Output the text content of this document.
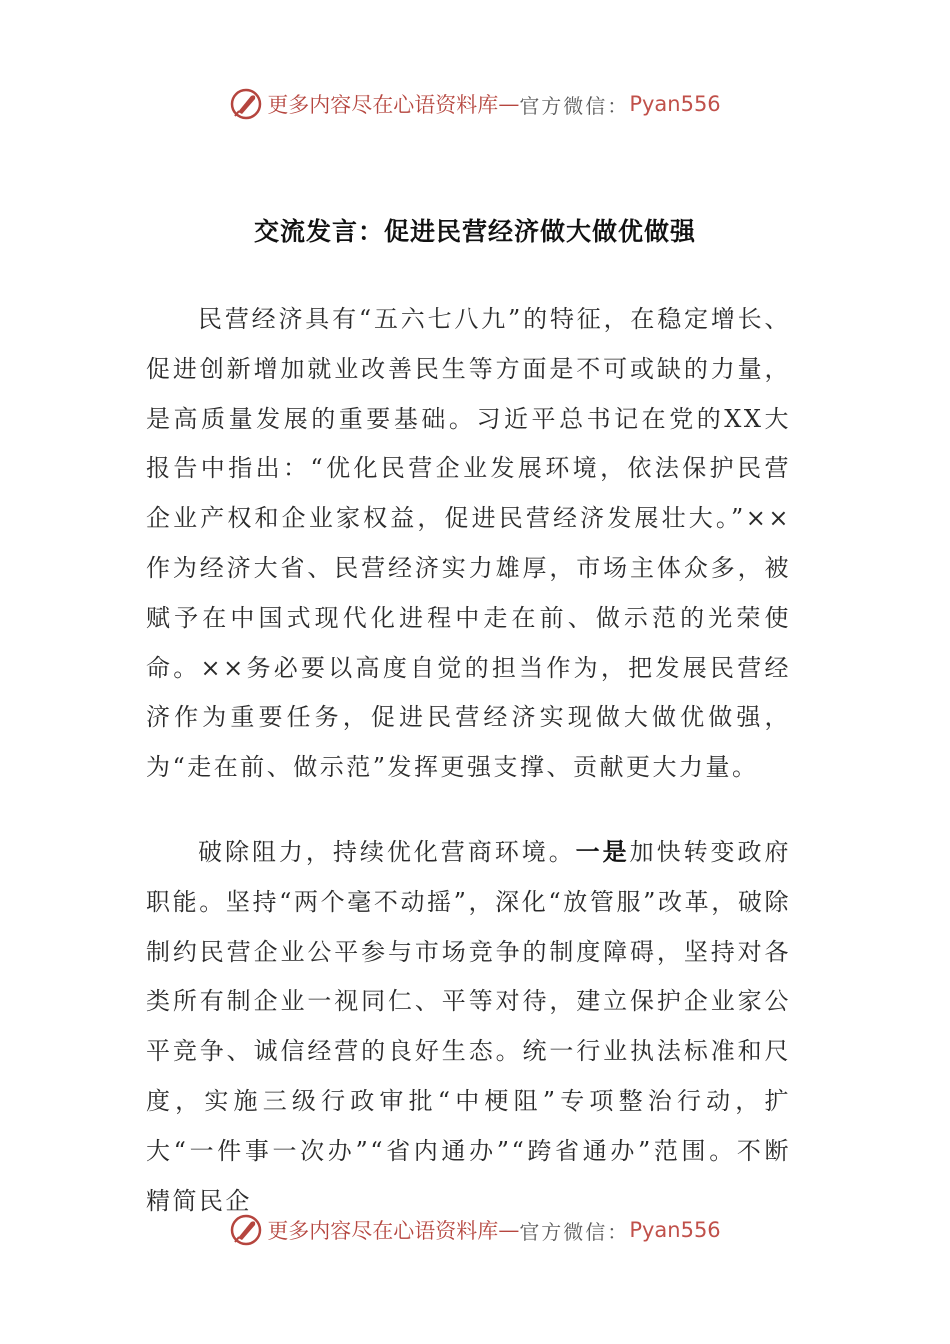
更多内容尽在心语资料库 — 官方微信： Pyan556
交流发言：促进民营经济做大做优做强

民营经济具有“五六七八九”的特征，在稳定增长、促进创新增加就业改善民生等方面是不可或缺的力量，是高质量发展的重要基础。习近平总书记在党的XX大报告中指出：“优化民营企业发展环境，依法保护民营企业产权和企业家权益，促进民营经济发展壮大。”××作为经济大省、民营经济实力雄厚，市场主体众多，被赋予在中国式现代化进程中走在前、做示范的光荣使命。××务必要以高度自觉的担当作为，把发展民营经济作为重要任务，促进民营经济实现做大做优做强，为“走在前、做示范”发挥更强支撑、贡献更大力量。

破除阻力，持续优化营商环境。一是加快转变政府职能。坚持“两个毫不动摇”，深化“放管服”改革，破除制约民营企业公平参与市场竞争的制度障碍，坚持对各类所有制企业一视同仁、平等对待，建立保护企业家公平竞争、诚信经营的良好生态。统一行业执法标准和尺度，实施三级行政审批“中梗阻”专项整治行动，扩大“一件事一次办”“省内通办”“跨省通办”范围。不断精简民企

更多内容尽在心语资料库 — 官方微信： Pyan556
